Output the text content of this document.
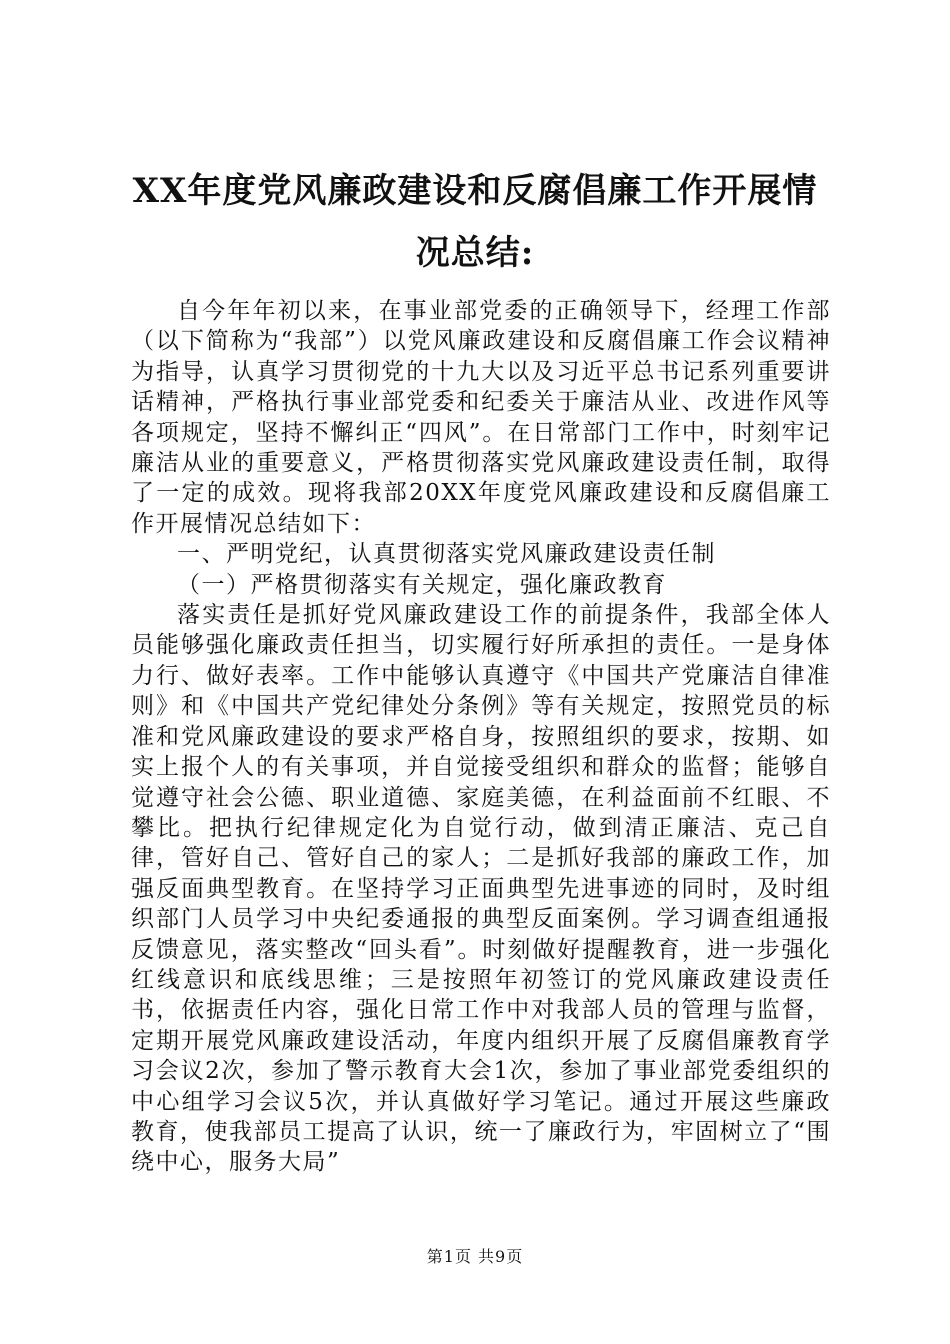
XX年度党风廉政建设和反腐倡廉工作开展情况总结:

自今年年初以来，在事业部党委的正确领导下，经理工作部（以下简称为“我部”）以党风廉政建设和反腐倡廉工作会议精神为指导，认真学习贯彻党的十九大以及习近平总书记系列重要讲话精神，严格执行事业部党委和纪委关于廉洁从业、改进作风等各项规定，坚持不懈纠正“四风”。在日常部门工作中，时刻牢记廉洁从业的重要意义，严格贯彻落实党风廉政建设责任制，取得了一定的成效。现将我部20XX年度党风廉政建设和反腐倡廉工作开展情况总结如下：

一、严明党纪，认真贯彻落实党风廉政建设责任制

（一）严格贯彻落实有关规定，强化廉政教育

落实责任是抓好党风廉政建设工作的前提条件，我部全体人员能够强化廉政责任担当，切实履行好所承担的责任。一是身体力行、做好表率。工作中能够认真遵守《中国共产党廉洁自律准则》和《中国共产党纪律处分条例》等有关规定，按照党员的标准和党风廉政建设的要求严格自身，按照组织的要求，按期、如实上报个人的有关事项，并自觉接受组织和群众的监督；能够自觉遵守社会公德、职业道德、家庭美德，在利益面前不红眼、不攀比。把执行纪律规定化为自觉行动，做到清正廉洁、克己自律，管好自己、管好自己的家人；二是抓好我部的廉政工作，加强反面典型教育。在坚持学习正面典型先进事迹的同时，及时组织部门人员学习中央纪委通报的典型反面案例。学习调查组通报反馈意见，落实整改“回头看”。时刻做好提醒教育，进一步强化红线意识和底线思维；三是按照年初签订的党风廉政建设责任书，依据责任内容，强化日常工作中对我部人员的管理与监督，定期开展党风廉政建设活动，年度内组织开展了反腐倡廉教育学习会议2次，参加了警示教育大会1次，参加了事业部党委组织的中心组学习会议5次，并认真做好学习笔记。通过开展这些廉政教育，使我部员工提高了认识，统一了廉政行为，牢固树立了“围绕中心，服务大局”

第1页 共9页
